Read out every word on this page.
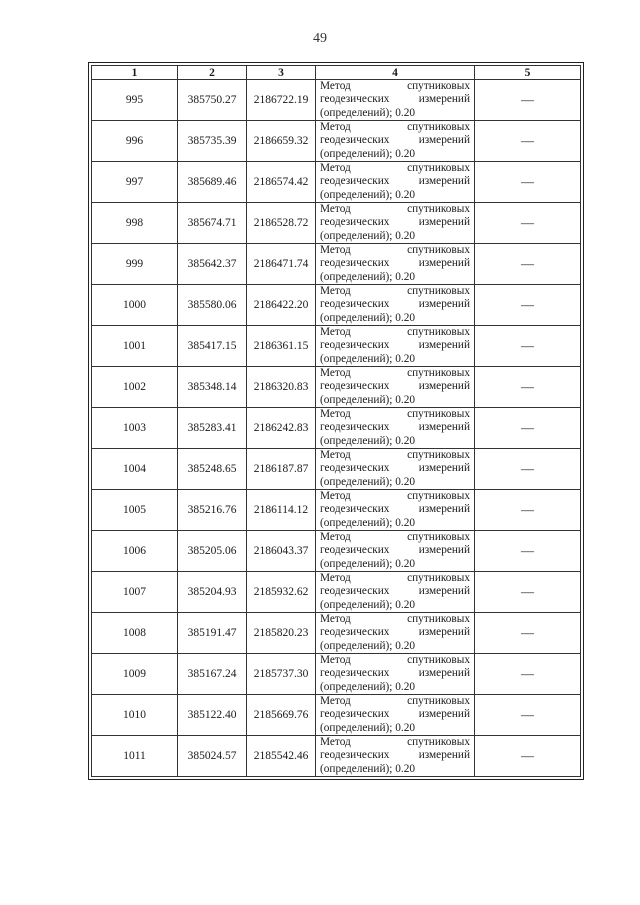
49
1	2	3	4	5
995	385750.27	2186722.19	Метод спутниковых
геодезических измерений
(определений); 0.20	—
996	385735.39	2186659.32	Метод спутниковых
геодезических измерений
(определений); 0.20	—
997	385689.46	2186574.42	Метод спутниковых
геодезических измерений
(определений); 0.20	—
998	385674.71	2186528.72	Метод спутниковых
геодезических измерений
(определений); 0.20	—
999	385642.37	2186471.74	Метод спутниковых
геодезических измерений
(определений); 0.20	—
1000	385580.06	2186422.20	Метод спутниковых
геодезических измерений
(определений); 0.20	—
1001	385417.15	2186361.15	Метод спутниковых
геодезических измерений
(определений); 0.20	—
1002	385348.14	2186320.83	Метод спутниковых
геодезических измерений
(определений); 0.20	—
1003	385283.41	2186242.83	Метод спутниковых
геодезических измерений
(определений); 0.20	—
1004	385248.65	2186187.87	Метод спутниковых
геодезических измерений
(определений); 0.20	—
1005	385216.76	2186114.12	Метод спутниковых
геодезических измерений
(определений); 0.20	—
1006	385205.06	2186043.37	Метод спутниковых
геодезических измерений
(определений); 0.20	—
1007	385204.93	2185932.62	Метод спутниковых
геодезических измерений
(определений); 0.20	—
1008	385191.47	2185820.23	Метод спутниковых
геодезических измерений
(определений); 0.20	—
1009	385167.24	2185737.30	Метод спутниковых
геодезических измерений
(определений); 0.20	—
1010	385122.40	2185669.76	Метод спутниковых
геодезических измерений
(определений); 0.20	—
1011	385024.57	2185542.46	Метод спутниковых
геодезических измерений
(определений); 0.20	—
